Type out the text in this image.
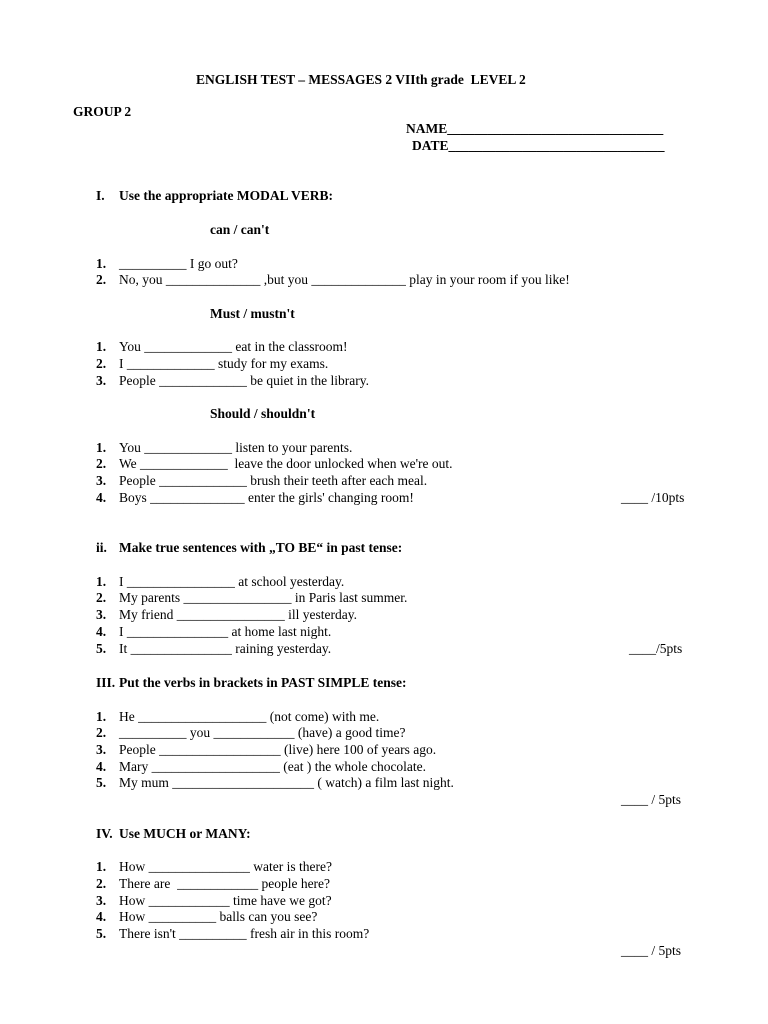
ENGLISH TEST – MESSAGES 2 VIIth grade  LEVEL 2
GROUP 2
NAME________________________________
DATE________________________________
I. Use the appropriate MODAL VERB:
can / can't
1. __________ I go out?
2. No, you ______________ ,but you ______________ play in your room if you like!
Must / mustn't
1. You _____________ eat in the classroom!
2. I _____________ study for my exams.
3. People _____________ be quiet in the library.
Should / shouldn't
1. You _____________ listen to your parents.
2. We _____________  leave the door unlocked when we're out.
3. People _____________ brush their teeth after each meal.
4. Boys ______________ enter the girls' changing room!	____ /10pts
ii. Make true sentences with „TO BE“ in past tense:
1. I ________________ at school yesterday.
2. My parents ________________ in Paris last summer.
3. My friend ________________ ill yesterday.
4. I _______________ at home last night.
5. It _______________ raining yesterday.	____/5pts
III. Put the verbs in brackets in PAST SIMPLE tense:
1. He ___________________ (not come) with me.
2. __________ you ____________ (have) a good time?
3. People __________________ (live) here 100 of years ago.
4. Mary ___________________ (eat ) the whole chocolate.
5. My mum _____________________ ( watch) a film last night.
____ / 5pts
IV. Use MUCH or MANY:
1. How _______________ water is there?
2. There are  ____________ people here?
3. How ____________ time have we got?
4. How __________ balls can you see?
5. There isn't __________ fresh air in this room?
____ / 5pts
